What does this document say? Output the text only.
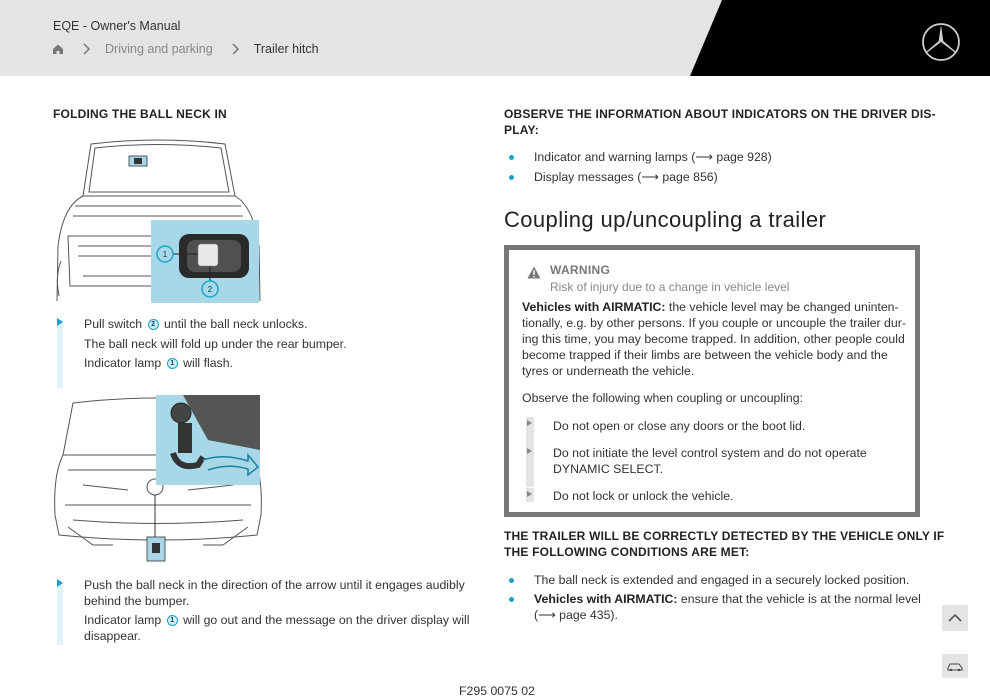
EQE - Owner's Manual
Driving and parking	Trailer hitch
FOLDING THE BALL NECK IN
1
2

Pull switch 2 until the ball neck unlocks.

The ball neck will fold up under the rear bumper.

Indicator lamp 1 will flash.

Push the ball neck in the direction of the arrow until it engages audibly

behind the bumper.

Indicator lamp 1 will go out and the message on the driver display will

disappear.

OBSERVE THE INFORMATION ABOUT INDICATORS ON THE DRIVER DIS-
PLAY:
Indicator and warning lamps (⟶ page 928)
Display messages (⟶ page 856)
Coupling up/uncoupling a trailer
WARNING
Risk of injury due to a change in vehicle level
Vehicles with AIRMATIC: the vehicle level may be changed uninten-
tionally, e.g. by other persons. If you couple or uncouple the trailer dur-
ing this time, you may become trapped. In addition, other people could
become trapped if their limbs are between the vehicle body and the
tyres or underneath the vehicle.
Observe the following when coupling or uncoupling:
Do not open or close any doors or the boot lid.
Do not initiate the level control system and do not operate
DYNAMIC SELECT.
Do not lock or unlock the vehicle.
THE TRAILER WILL BE CORRECTLY DETECTED BY THE VEHICLE ONLY IF
THE FOLLOWING CONDITIONS ARE MET:
The ball neck is extended and engaged in a securely locked position.
Vehicles with AIRMATIC: ensure that the vehicle is at the normal level
(⟶ page 435).
F295 0075 02
